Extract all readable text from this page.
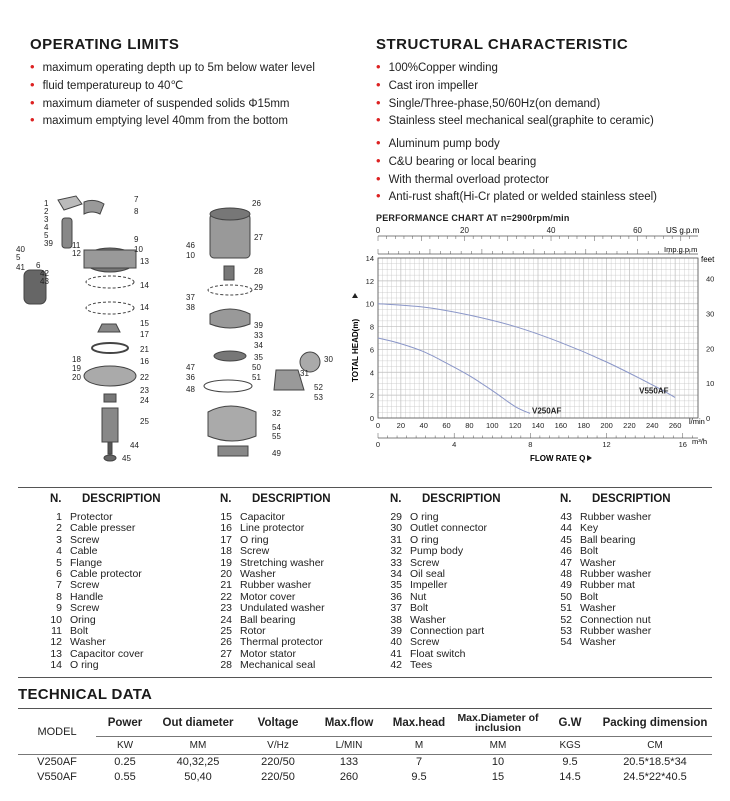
OPERATING LIMITS
• maximum operating depth up to 5m below water level
• fluid temperatureup to 40℃
• maximum diameter of suspended solids Φ15mm
• maximum emptying level 40mm from the bottom
STRUCTURAL CHARACTERISTIC
• 100%Copper winding
• Cast iron impeller
• Single/Three-phase,50/60Hz(on demand)
• Stainless steel mechanical seal(graphite to ceramic)
• Aluminum pump body
• C&U bearing or local bearing
• With thermal overload protector
• Anti-rust shaft(Hi-Cr plated or welded stainless steel)
1
2
3
4
5
39
40
5
41 6
42
43
7
8
9
10
11
12
13
14
14
15
16
17
18
19
20
21
22
23
24
25
44
45
26
27
46
10
28
29
37
38
39
33
34
35
47
36
48
50
51	31
52
30
53
32
54
55
49
PERFORMANCE CHART AT n=2900rpm/min
V250AF
V550AF
0	20	40	60
0
2
4
6
8
10
12
14
0
10
20
30
40
0 20 40 60 80 100 120 140 160 180 200 220 240 260
0	4	8	12	16
US g.p.m
Imp.g.p.m
feet
l/min
m³/h
FLOW RATE Q
TOTAL HEAD(m)
N. DESCRIPTION
1 Protector
2 Cable presser
3 Screw
4 Cable
5 Flange
6 Cable protector
7 Screw
8 Handle
9 Screw
10 Oring
11 Bolt
12 Washer
13 Capacitor cover
14 O ring
N. DESCRIPTION
15 Capacitor
16 Line protector
17 O ring
18 Screw
19 Stretching washer
20 Washer
21 Rubber washer
22 Motor cover
23 Undulated washer
24 Ball bearing
25 Rotor
26 Thermal protector
27 Motor stator
28 Mechanical seal
N. DESCRIPTION
29 O ring
30 Outlet connector
31 O ring
32 Pump body
33 Screw
34 Oil seal
35 Impeller
36 Nut
37 Bolt
38 Washer
39 Connection part
40 Screw
41 Float switch
42 Tees
N. DESCRIPTION
43 Rubber washer
44 Key
45 Ball bearing
46 Bolt
47 Washer
48 Rubber washer
49 Rubber mat
50 Bolt
51 Washer
52 Connection nut
53 Rubber washer
54 Washer
TECHNICAL DATA
MODEL	Power	Out diameter	Voltage	Max.flow	Max.head	Max.Diameter of inclusion	G.W	Packing dimension
	KW	MM	V/Hz	L/MIN	M	MM	KGS	CM
V250AF	0.25	40,32,25	220/50	133	7	10	9.5	20.5*18.5*34
V550AF	0.55	50,40	220/50	260	9.5	15	14.5	24.5*22*40.5
